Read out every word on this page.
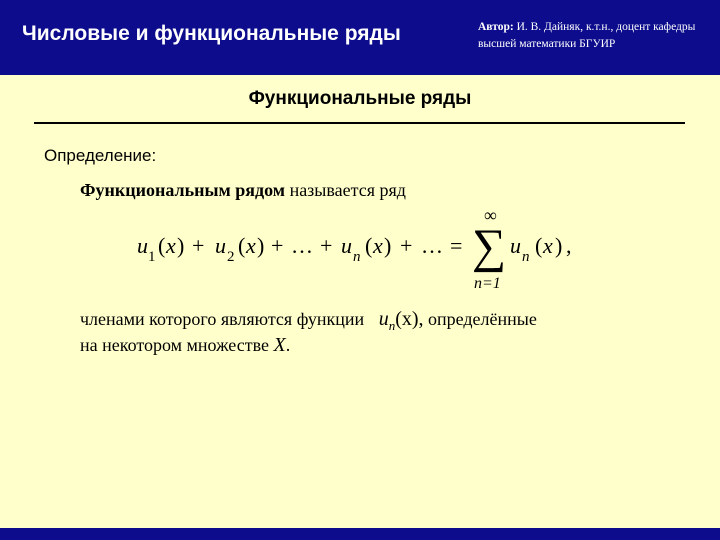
Числовые и функциональные ряды	Автор: И. В. Дайняк, к.т.н., доцент кафедры высшей математики БГУИР
Функциональные ряды
Определение:
Функциональным рядом называется ряд
u 1 ( x ) + u 2 ( x ) + … + u n ( x ) + … =
∞
∑
n=1
u n ( x ) ,
членами которого являются функции $u_n(x)$, определённые
на некотором множестве X.
